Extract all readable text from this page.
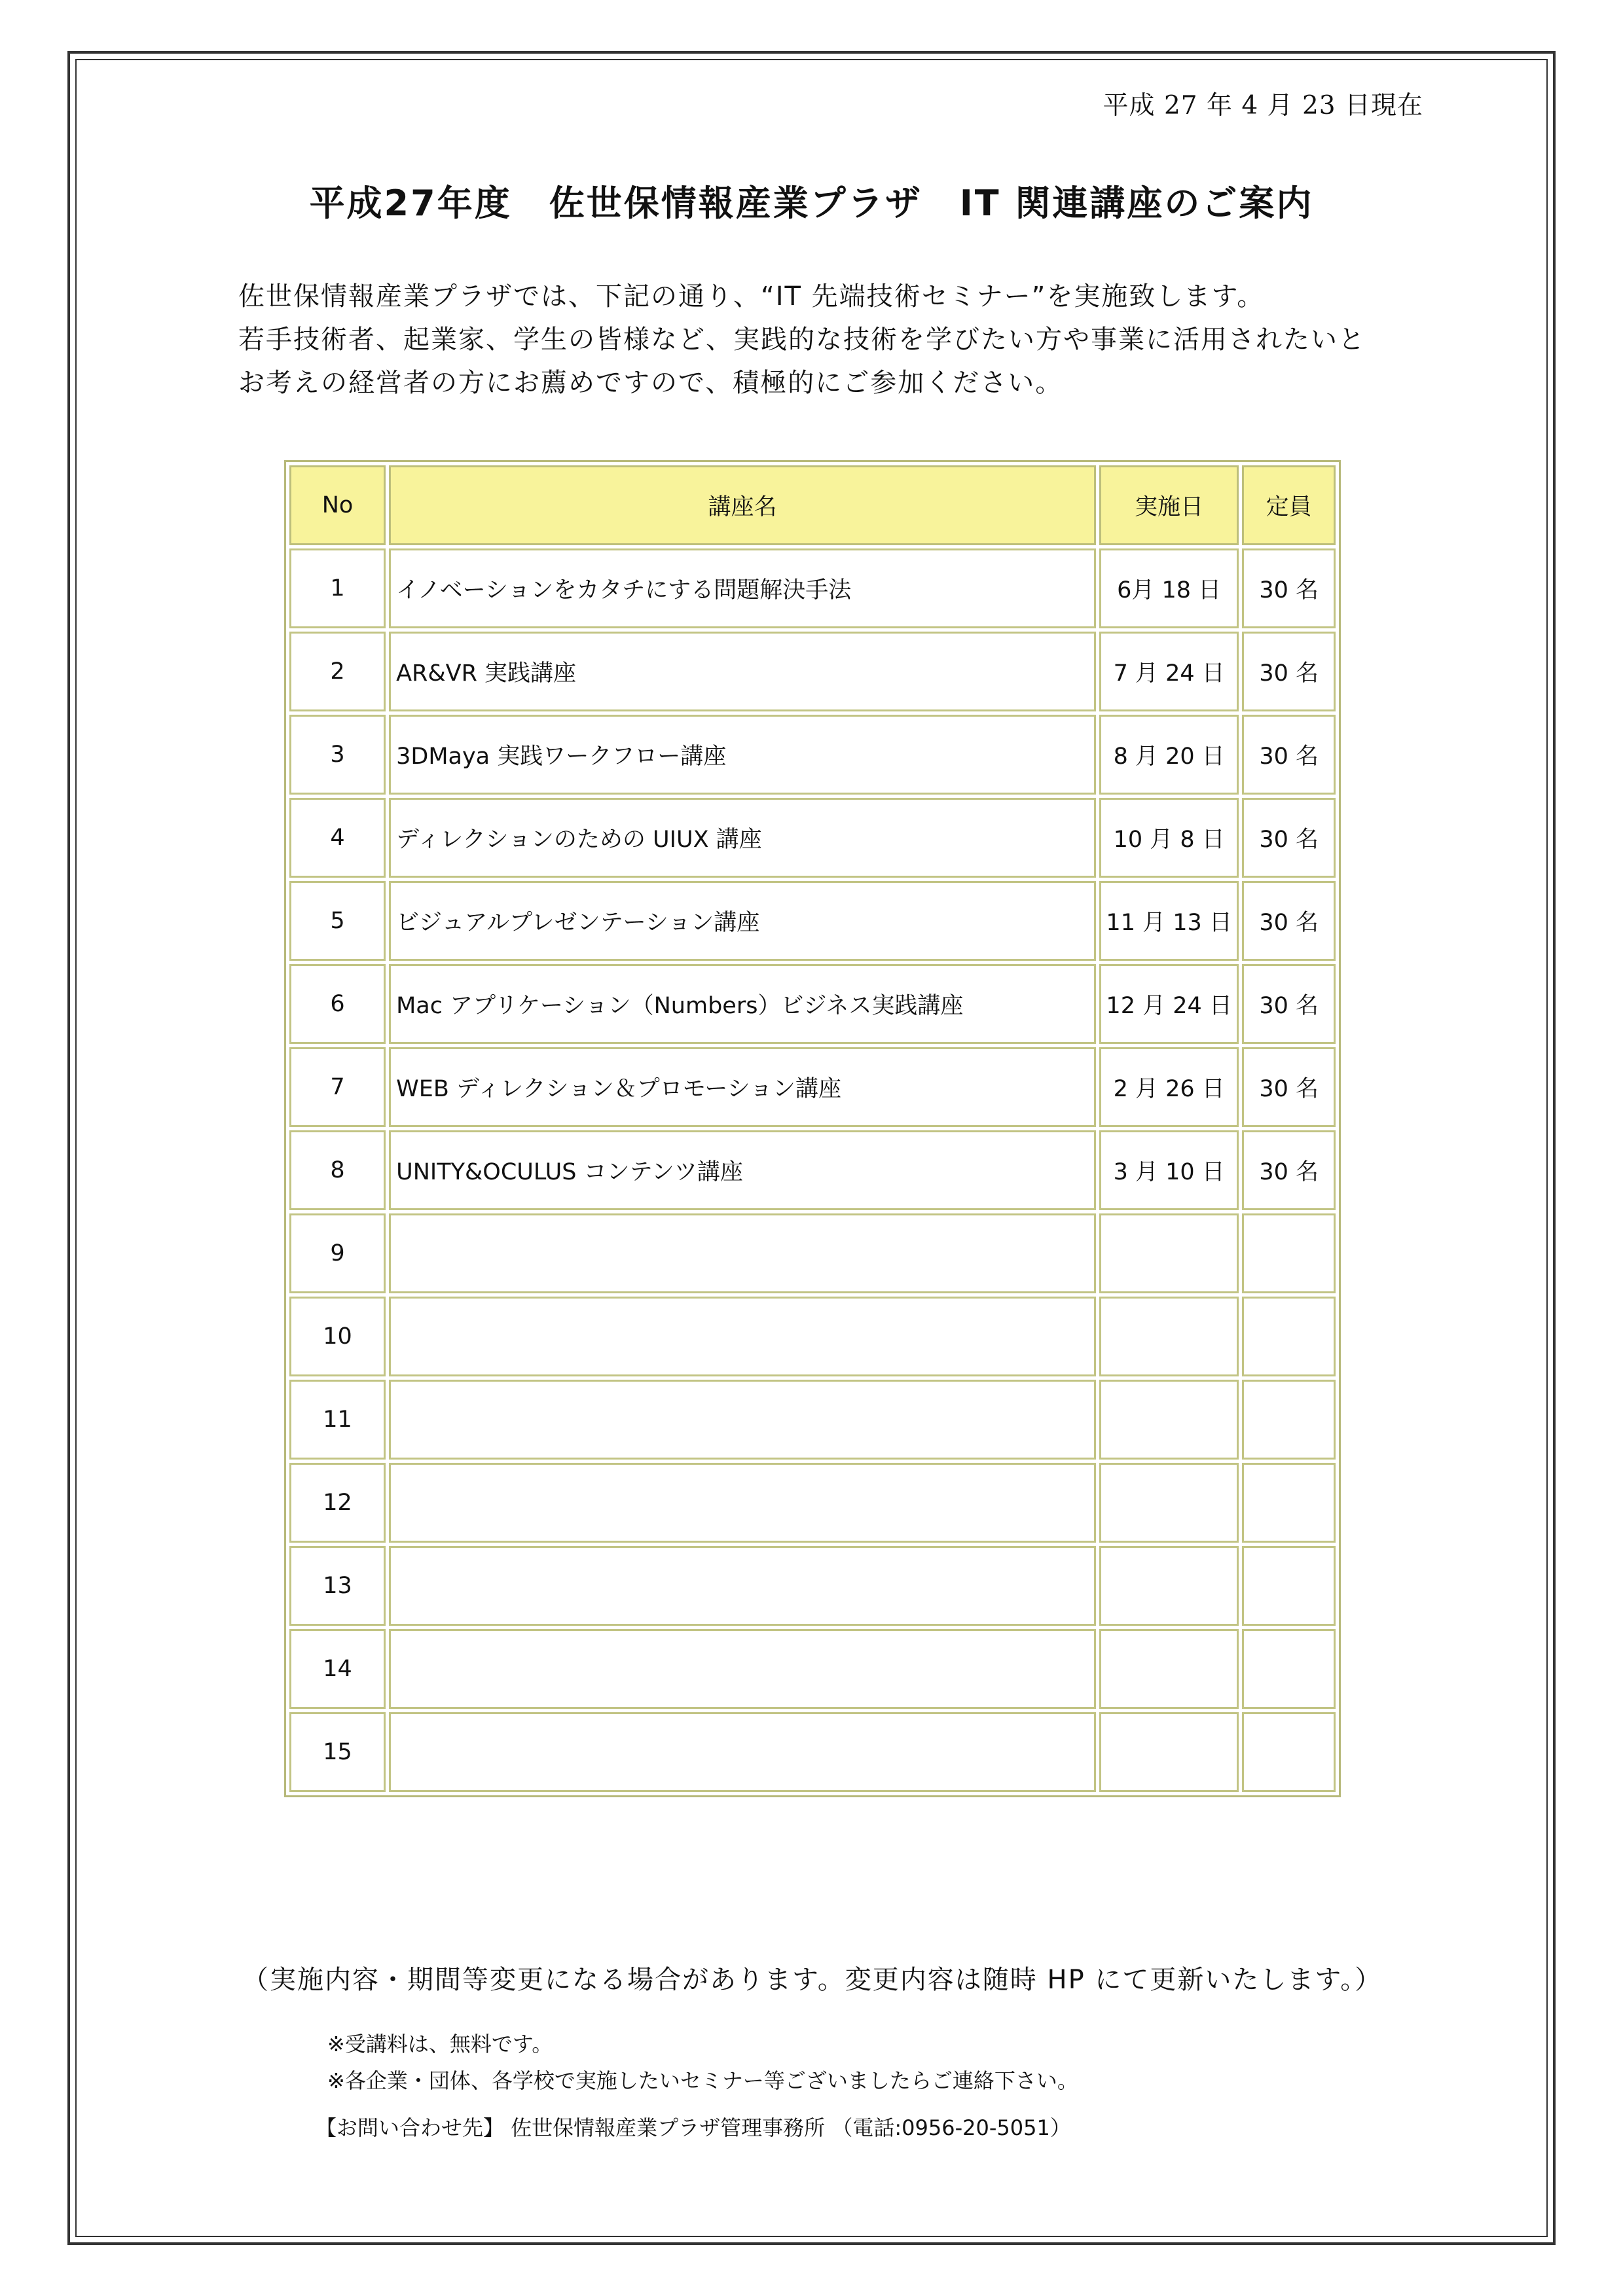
平成 27 年 4 月 23 日現在
平成27年度　佐世保情報産業プラザ　IT 関連講座のご案内

佐世保情報産業プラザでは、下記の通り、“IT 先端技術セミナー”を実施致します。

若手技術者、起業家、学生の皆様など、実践的な技術を学びたい方や事業に活用されたいと

お考えの経営者の方にお薦めですので、積極的にご参加ください。

No	講座名	実施日	定員
1	イノベーションをカタチにする問題解決手法	6月 18 日	30 名
2	AR&VR 実践講座	7 月 24 日	30 名
3	3DMaya 実践ワークフロー講座	8 月 20 日	30 名
4	ディレクションのための UIUX 講座	10 月 8 日	30 名
5	ビジュアルプレゼンテーション講座	11 月 13 日	30 名
6	Mac アプリケーション（Numbers）ビジネス実践講座	12 月 24 日	30 名
7	WEB ディレクション＆プロモーション講座	2 月 26 日	30 名
8	UNITY&OCULUS コンテンツ講座	3 月 10 日	30 名
9			
10			
11			
12			
13			
14			
15			
（実施内容・期間等変更になる場合があります。変更内容は随時 HP にて更新いたします。）

※受講料は、無料です。

※各企業・団体、各学校で実施したいセミナー等ございましたらご連絡下さい。

【お問い合わせ先】 佐世保情報産業プラザ管理事務所 （電話:0956-20-5051）
